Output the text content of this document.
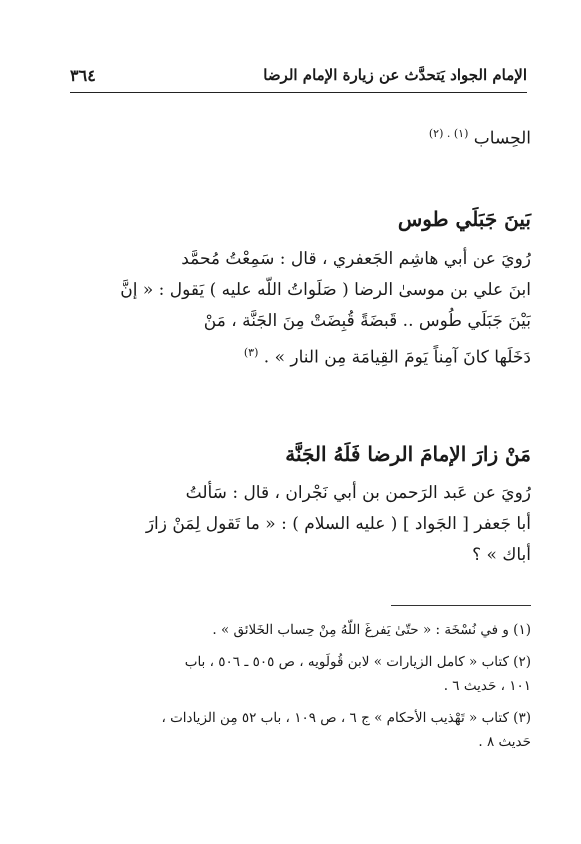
الإمام الجواد يَتحدَّث عن زيارة الإمام الرضا
٣٦٤
الحِساب $^{(١) . (٢)}$
بَينَ جَبَلَي طوس
رُويَ عن أبي هاشِم الجَعفري ، قال : سَمِعْتُ مُحمَّد
ابنَ علي بن موسىٰ الرضا ( صَلَواتُ اللّه عليه ) يَقول : « إنَّ
بَيْنَ جَبَلَي طُوس .. قَبضَةً قُبِضَتْ مِنَ الجَنَّة ، مَنْ
دَخَلَها كانَ آمِناً يَومَ القِيامَة مِن النار » . $^{(٣)}$
مَنْ زارَ الإمامَ الرضا فَلَهُ الجَنَّة
رُويَ عن عَبد الرَحمن بن أبي نَجْران ، قال : سَألتُ
أبا جَعفر [ الجَواد ] ( عليه السلام ) : « ما تَقول لِمَنْ زارَ
أباك » ؟
(١) و في نُسْخَة : « حتّىٰ يَفرغَ اللّهُ مِنْ حِساب الخَلائق » .
(٢) كتاب « كامل الزيارات » لابن قُولَويه ، ص ٥٠٥ ـ ٥٠٦ ، باب
١٠١ ، حَديث ٦ .
(٣) كتاب « تَهْذيب الأحكام » ج ٦ ، ص ١٠٩ ، باب ٥٢ مِن الزيادات ،
حَديث ٨ .
